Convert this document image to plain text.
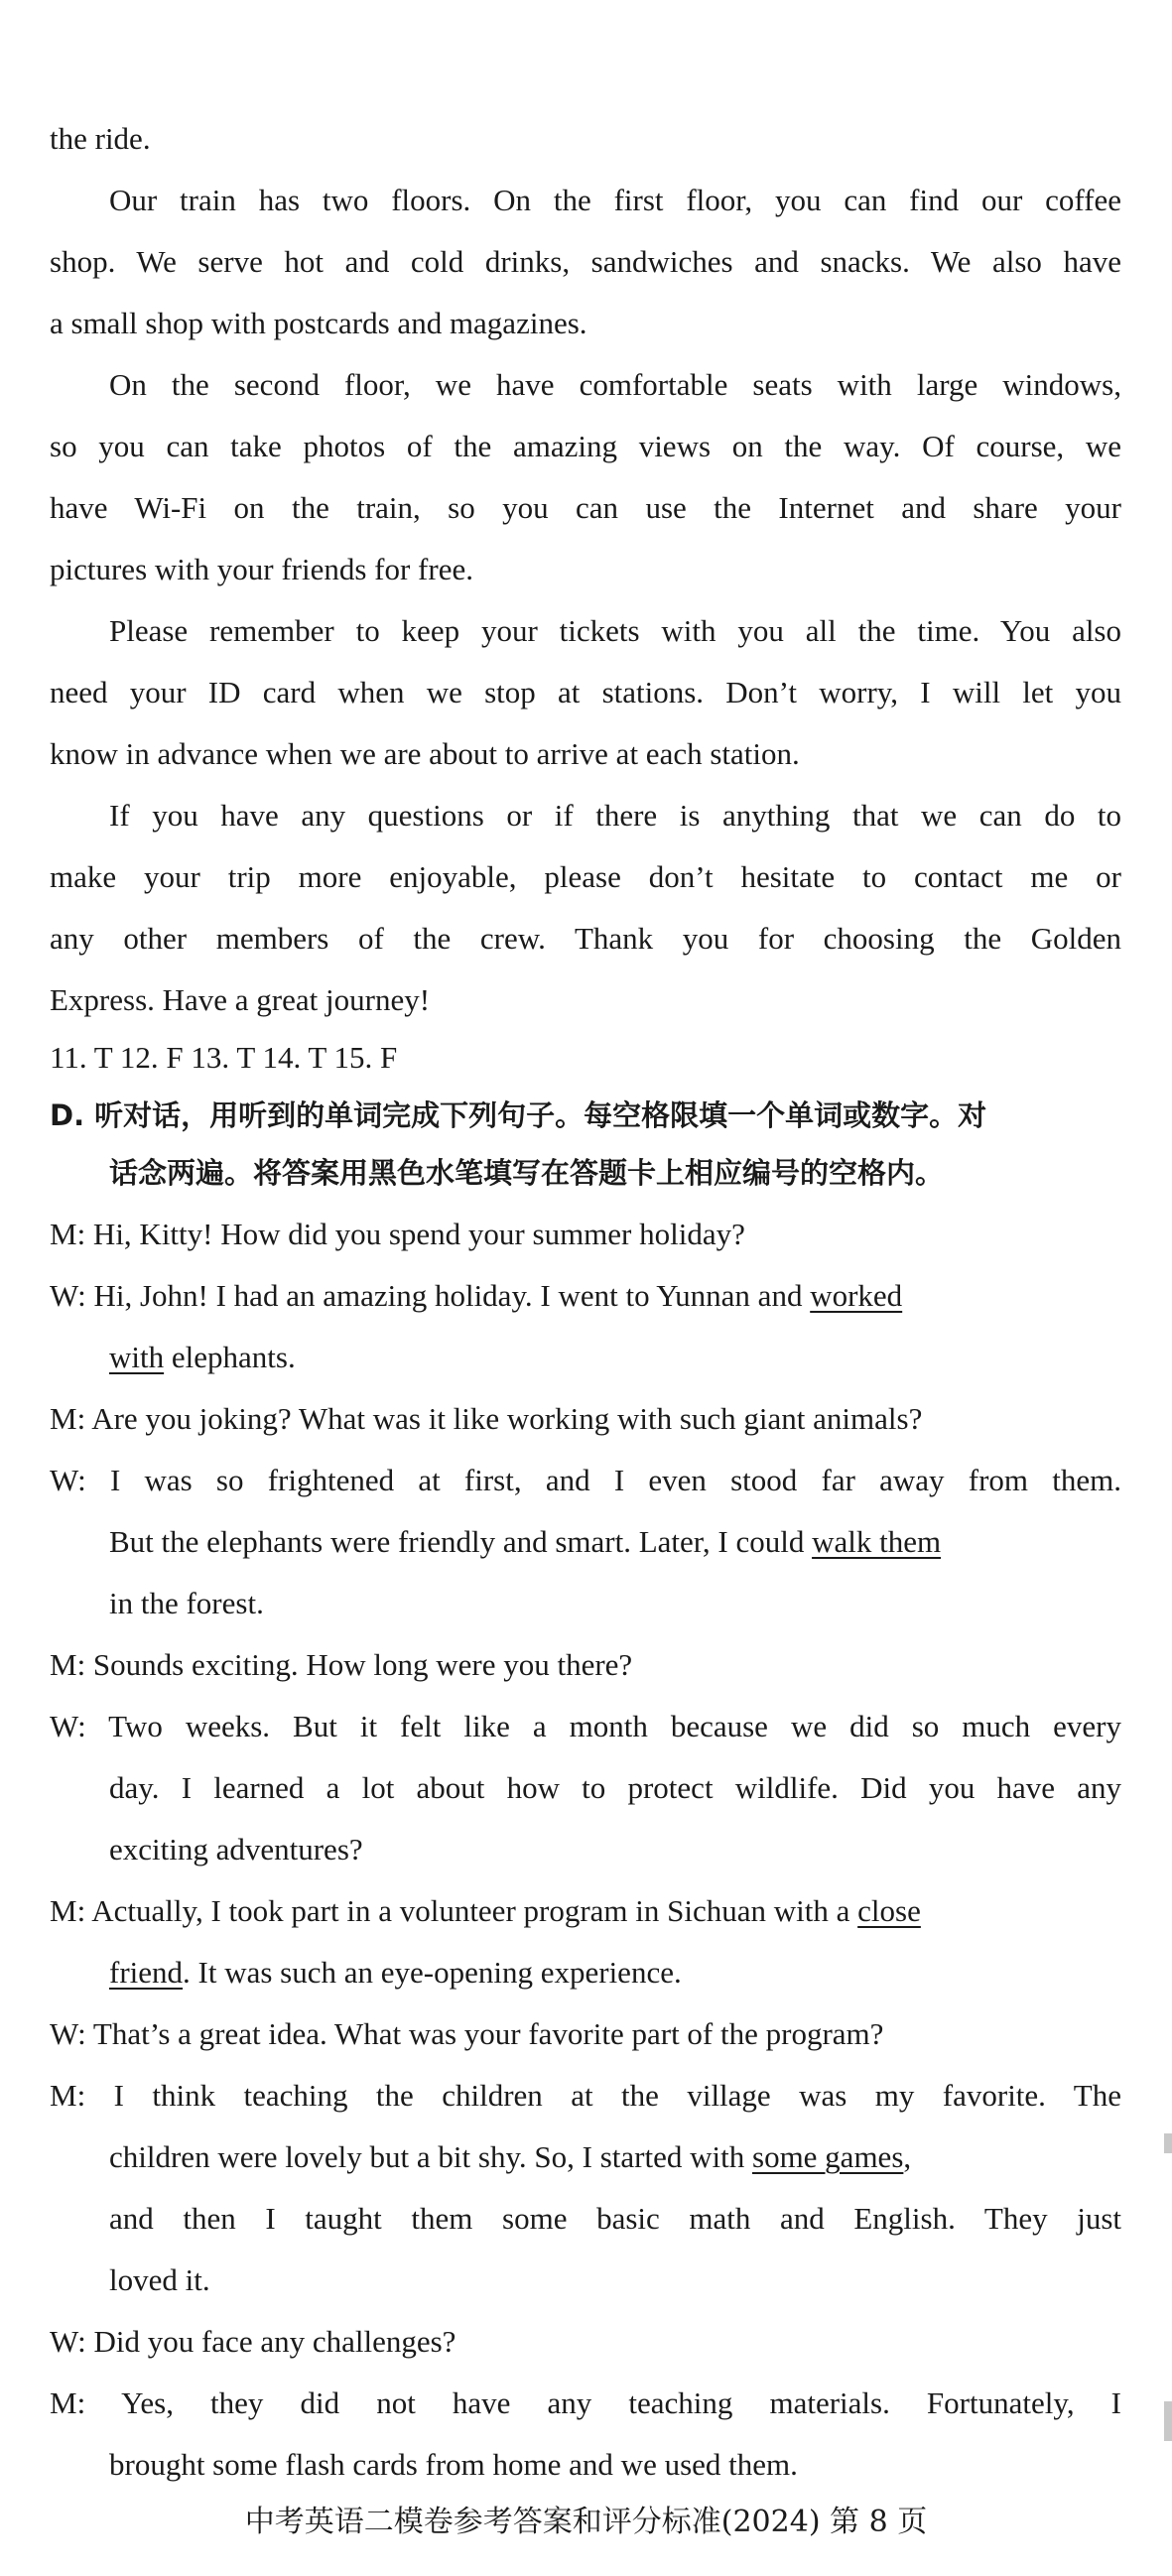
the ride.
Our train has two floors. On the first floor, you can find our coffee
shop. We serve hot and cold drinks, sandwiches and snacks. We also have
a small shop with postcards and magazines.
On the second floor, we have comfortable seats with large windows,
so you can take photos of the amazing views on the way. Of course, we
have Wi-Fi on the train, so you can use the Internet and share your
pictures with your friends for free.
Please remember to keep your tickets with you all the time. You also
need your ID card when we stop at stations. Don’t worry, I will let you
know in advance when we are about to arrive at each station.
If you have any questions or if there is anything that we can do to
make your trip more enjoyable, please don’t hesitate to contact me or
any other members of the crew. Thank you for choosing the Golden
Express. Have a great journey!
11. T 12. F 13. T 14. T 15. F
D. 听对话，用听到的单词完成下列句子。每空格限填一个单词或数字。对
话念两遍。将答案用黑色水笔填写在答题卡上相应编号的空格内。
M: Hi, Kitty! How did you spend your summer holiday?
W: Hi, John! I had an amazing holiday. I went to Yunnan and worked
with elephants.
M: Are you joking? What was it like working with such giant animals?
W: I was so frightened at first, and I even stood far away from them.
But the elephants were friendly and smart. Later, I could walk them
in the forest.
M: Sounds exciting. How long were you there?
W: Two weeks. But it felt like a month because we did so much every
day. I learned a lot about how to protect wildlife. Did you have any
exciting adventures?
M: Actually, I took part in a volunteer program in Sichuan with a close
friend. It was such an eye-opening experience.
W: That’s a great idea. What was your favorite part of the program?
M: I think teaching the children at the village was my favorite. The
children were lovely but a bit shy. So, I started with some games,
and then I taught them some basic math and English. They just
loved it.
W: Did you face any challenges?
M: Yes, they did not have any teaching materials. Fortunately, I
brought some flash cards from home and we used them.
中考英语二模卷参考答案和评分标准(2024) 第 8 页
